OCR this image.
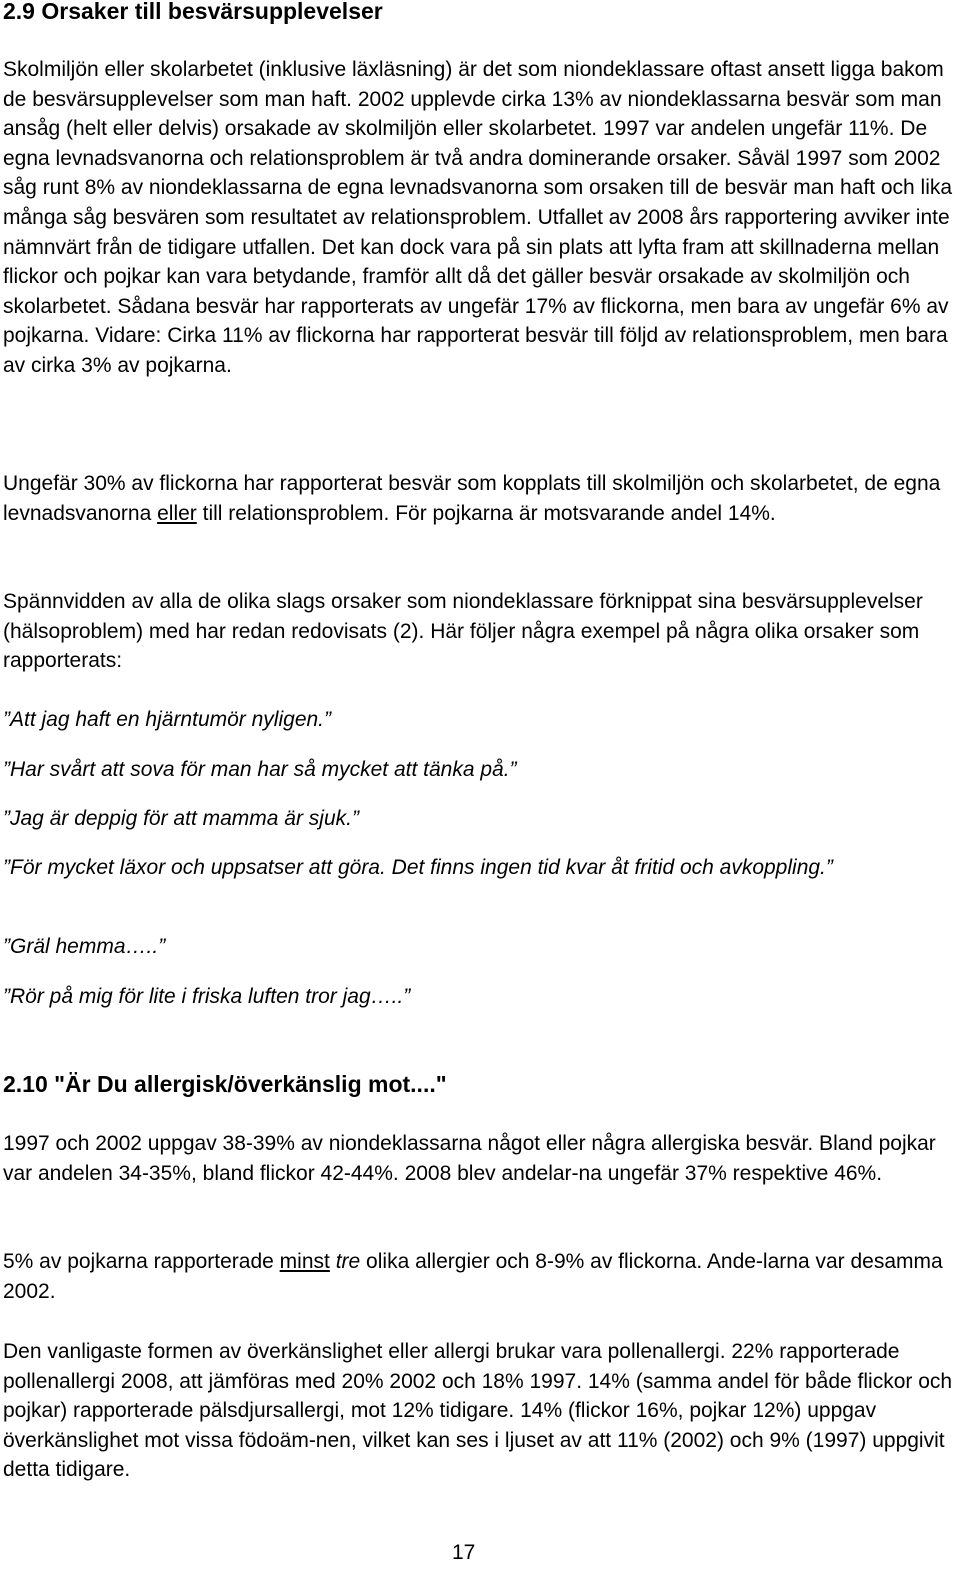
2.9 Orsaker till besvärsupplevelser

Skolmiljön eller skolarbetet (inklusive läxläsning) är det som niondeklassare oftast ansett ligga bakom de besvärsupplevelser som man haft. 2002 upplevde cirka 13% av niondeklassarna besvär som man ansåg (helt eller delvis) orsakade av skolmiljön eller skolarbetet. 1997 var andelen ungefär 11%. De egna levnadsvanorna och relationsproblem är två andra dominerande orsaker. Såväl 1997 som 2002 såg runt 8% av niondeklassarna de egna levnadsvanorna som orsaken till de besvär man haft och lika många såg besvären som resultatet av relationsproblem. Utfallet av 2008 års rapportering avviker inte nämnvärt från de tidigare utfallen. Det kan dock vara på sin plats att lyfta fram att skillnaderna mellan flickor och pojkar kan vara betydande, framför allt då det gäller besvär orsakade av skolmiljön och skolarbetet. Sådana besvär har rapporterats av ungefär 17% av flickorna, men bara av ungefär 6% av pojkarna. Vidare: Cirka 11% av flickorna har rapporterat besvär till följd av relationsproblem, men bara av cirka 3% av pojkarna.

Ungefär 30% av flickorna har rapporterat besvär som kopplats till skolmiljön och skolarbetet, de egna levnadsvanorna eller till relationsproblem. För pojkarna är motsvarande andel 14%.

Spännvidden av alla de olika slags orsaker som niondeklassare förknippat sina besvärsupplevelser (hälsoproblem) med har redan redovisats (2). Här följer några exempel på några olika orsaker som rapporterats:

”Att jag haft en hjärntumör nyligen.”

”Har svårt att sova för man har så mycket att tänka på.”

”Jag är deppig för att mamma är sjuk.”

”För mycket läxor och uppsatser att göra. Det finns ingen tid kvar åt fritid och avkoppling.”

”Gräl hemma…..”

”Rör på mig för lite i friska luften tror jag…..”

2.10 "Är Du allergisk/överkänslig mot...."

1997 och 2002 uppgav 38-39% av niondeklassarna något eller några allergiska besvär. Bland pojkar var andelen 34-35%, bland flickor 42-44%. 2008 blev andelar-na ungefär 37% respektive 46%.

5% av pojkarna rapporterade minst tre olika allergier och 8-9% av flickorna. Ande-larna var desamma 2002.

Den vanligaste formen av överkänslighet eller allergi brukar vara pollenallergi. 22% rapporterade pollenallergi 2008, att jämföras med 20% 2002 och 18% 1997. 14% (samma andel för både flickor och pojkar) rapporterade pälsdjursallergi, mot 12% tidigare. 14% (flickor 16%, pojkar 12%) uppgav överkänslighet mot vissa födoäm-nen, vilket kan ses i ljuset av att 11% (2002) och 9% (1997) uppgivit detta tidigare.

17
